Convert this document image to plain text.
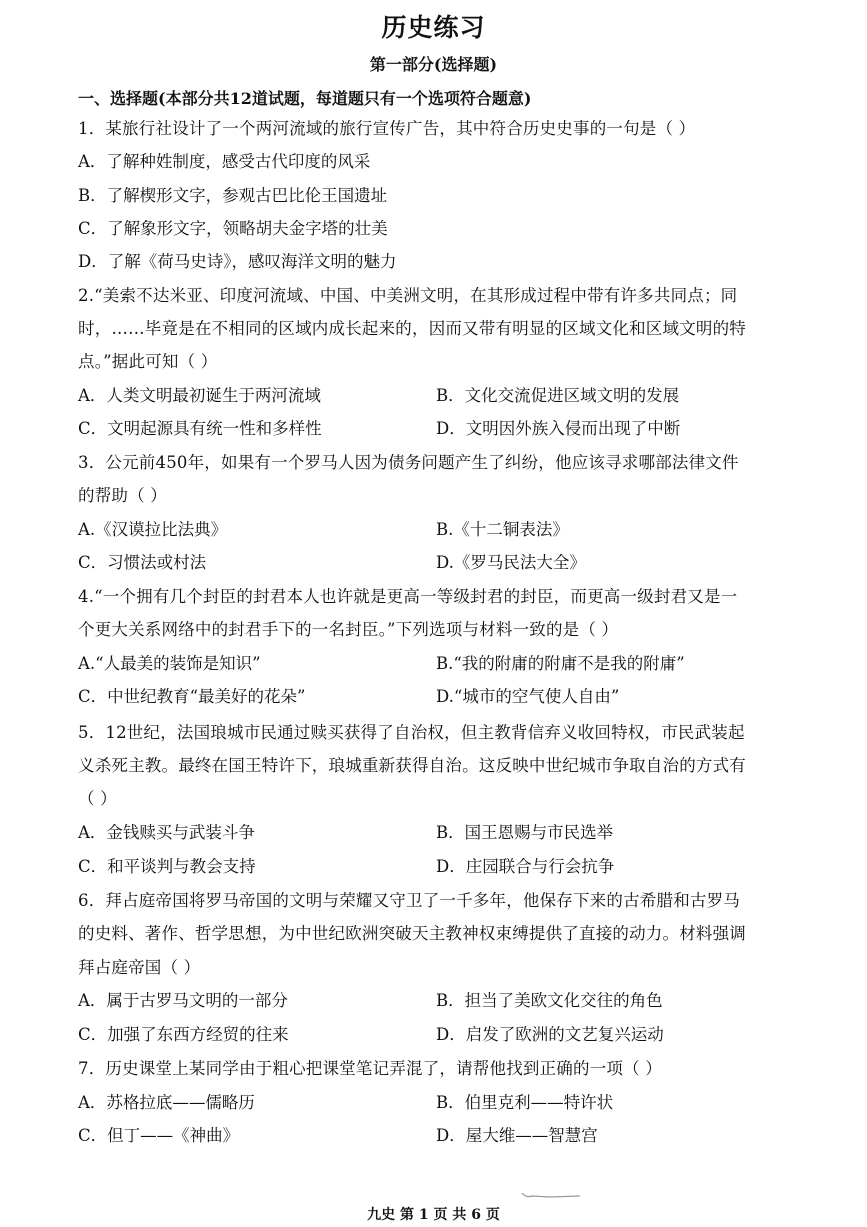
历史练习
第一部分(选择题)
一、选择题(本部分共12道试题，每道题只有一个选项符合题意)
1．某旅行社设计了一个两河流域的旅行宣传广告，其中符合历史史事的一句是（ ）
A．了解种姓制度，感受古代印度的风采
B．了解楔形文字，参观古巴比伦王国遗址
C．了解象形文字，领略胡夫金字塔的壮美
D．了解《荷马史诗》，感叹海洋文明的魅力
2.“美索不达米亚、印度河流域、中国、中美洲文明，在其形成过程中带有许多共同点；同
时，……毕竟是在不相同的区域内成长起来的，因而又带有明显的区域文化和区域文明的特
点。”据此可知（ ）
A．人类文明最初诞生于两河流域	B．文化交流促进区域文明的发展
C．文明起源具有统一性和多样性	D．文明因外族入侵而出现了中断
3．公元前450年，如果有一个罗马人因为债务问题产生了纠纷，他应该寻求哪部法律文件
的帮助（ ）
A.《汉谟拉比法典》	B.《十二铜表法》
C．习惯法或村法	D.《罗马民法大全》
4.“一个拥有几个封臣的封君本人也许就是更高一等级封君的封臣，而更高一级封君又是一
个更大关系网络中的封君手下的一名封臣。”下列选项与材料一致的是（ ）
A.“人最美的装饰是知识”	B.“我的附庸的附庸不是我的附庸”
C．中世纪教育“最美好的花朵”	D.“城市的空气使人自由”
5．12世纪，法国琅城市民通过赎买获得了自治权，但主教背信弃义收回特权，市民武装起
义杀死主教。最终在国王特许下，琅城重新获得自治。这反映中世纪城市争取自治的方式有
（ ）
A．金钱赎买与武装斗争	B．国王恩赐与市民选举
C．和平谈判与教会支持	D．庄园联合与行会抗争
6．拜占庭帝国将罗马帝国的文明与荣耀又守卫了一千多年，他保存下来的古希腊和古罗马
的史料、著作、哲学思想，为中世纪欧洲突破天主教神权束缚提供了直接的动力。材料强调
拜占庭帝国（ ）
A．属于古罗马文明的一部分	B．担当了美欧文化交往的角色
C．加强了东西方经贸的往来	D．启发了欧洲的文艺复兴运动
7．历史课堂上某同学由于粗心把课堂笔记弄混了，请帮他找到正确的一项（ ）
A．苏格拉底——儒略历	B．伯里克利——特许状
C．但丁——《神曲》	D．屋大维——智慧宫
九史 第 1 页 共 6 页
